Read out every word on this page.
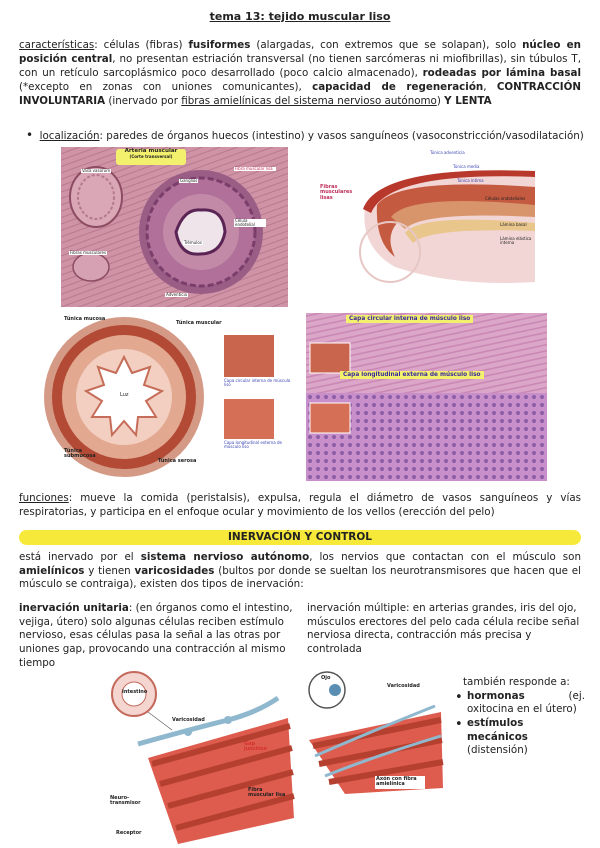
tema 13: tejido muscular liso
características: células (fibras) fusiformes (alargadas, con extremos que se solapan), solo núcleo en posición central, no presentan estriación transversal (no tienen sarcómeras ni miofibrillas), sin túbulos T, con un retículo sarcoplásmico poco desarrollado (poco calcio almacenado), rodeadas por lámina basal (*excepto en zonas con uniones comunicantes), capacidad de regeneración, CONTRACCIÓN INVOLUNTARIA (inervado por fibras amielínicas del sistema nervioso autónomo) Y LENTA
• localización: paredes de órganos huecos (intestino) y vasos sanguíneos (vasoconstricción/vasodilatación)
Arteria muscular
(Corte transversal)
Vasa vasorum
Ganglios
Fibra muscular lisa
Célula endotelial
Fibras musculares
Trémulos
Adventicia
Túnica adventicia
Túnica media
Túnica íntima
Fibras musculares lisas	Células endoteliales
Lámina basal
Lámina elástica interna
Túnica mucosa
Túnica muscular
Luz
Túnica submucosa
Túnica serosa
Capa circular interna de músculo liso
Capa longitudinal externa de músculo liso
Capa circular interna de músculo liso
Capa longitudinal externa de músculo liso
funciones: mueve la comida (peristalsis), expulsa, regula el diámetro de vasos sanguíneos y vías respiratorias, y participa en el enfoque ocular y movimiento de los vellos (erección del pelo)
INERVACIÓN Y CONTROL
está inervado por el sistema nervioso autónomo, los nervios que contactan con el músculo son amielínicos y tienen varicosidades (bultos por donde se sueltan los neurotransmisores que hacen que el músculo se contraiga), existen dos tipos de inervación:
inervación unitaria: (en órganos como el intestino, vejiga, útero) solo algunas células reciben estímulo nervioso, esas células pasa la señal a las otras por uniones gap, provocando una contracción al mismo tiempo
inervación múltiple: en arterias grandes, iris del ojo, músculos erectores del pelo cada célula recibe señal nerviosa directa, contracción más precisa y controlada
Intestino
Varicosidad
Gap junction
Fibra muscular lisa
Neuro-transmisor
Receptor
Ojo
Varicosidad
Axón con fibra amielínica
también responde a:
• hormonas (ej. oxitocina en el útero)
• estímulos mecánicos (distensión)
